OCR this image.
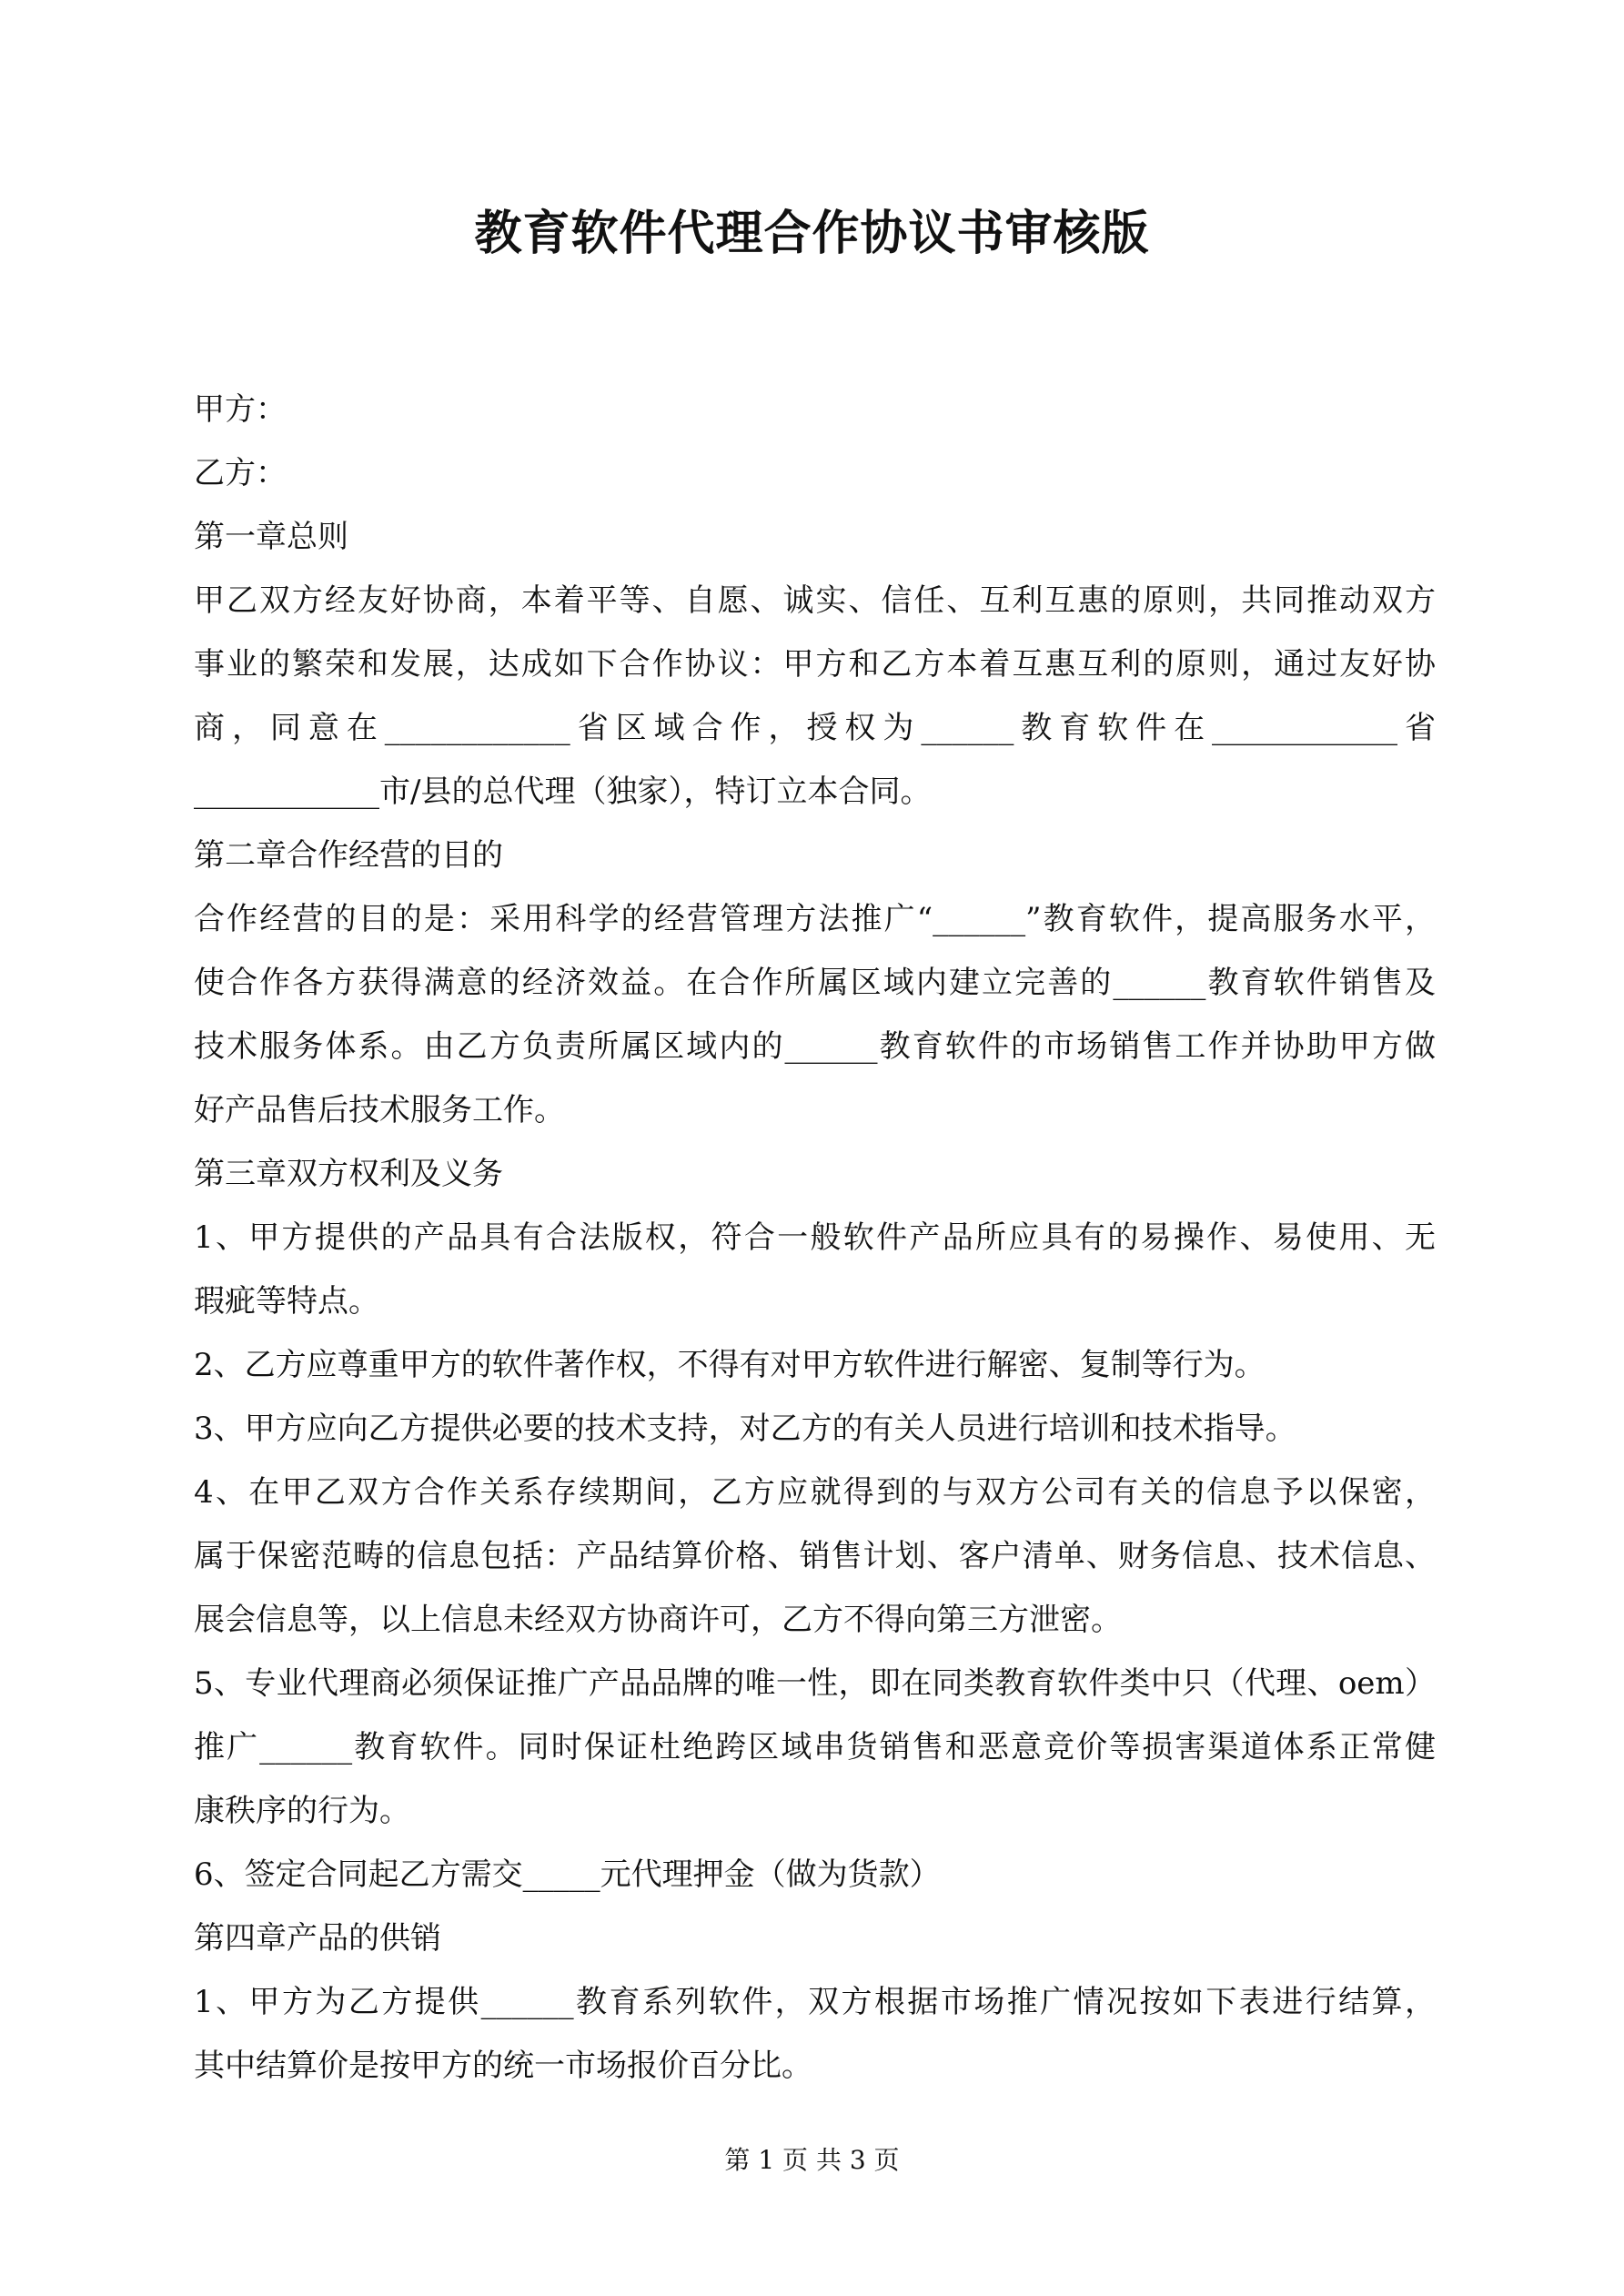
教育软件代理合作协议书审核版
甲方：
乙方：
第一章总则
甲乙双方经友好协商，本着平等、自愿、诚实、信任、互利互惠的原则，共同推动双方
事业的繁荣和发展，达成如下合作协议：甲方和乙方本着互惠互利的原则，通过友好协
商，同意在____________省区域合作，授权为______教育软件在____________省
____________市/县的总代理（独家），特订立本合同。
第二章合作经营的目的
合作经营的目的是：采用科学的经营管理方法推广“______”教育软件，提高服务水平，
使合作各方获得满意的经济效益。在合作所属区域内建立完善的______教育软件销售及
技术服务体系。由乙方负责所属区域内的______教育软件的市场销售工作并协助甲方做
好产品售后技术服务工作。
第三章双方权利及义务
1、甲方提供的产品具有合法版权，符合一般软件产品所应具有的易操作、易使用、无
瑕疵等特点。
2、乙方应尊重甲方的软件著作权，不得有对甲方软件进行解密、复制等行为。
3、甲方应向乙方提供必要的技术支持，对乙方的有关人员进行培训和技术指导。
4、在甲乙双方合作关系存续期间，乙方应就得到的与双方公司有关的信息予以保密，
属于保密范畴的信息包括：产品结算价格、销售计划、客户清单、财务信息、技术信息、
展会信息等，以上信息未经双方协商许可，乙方不得向第三方泄密。
5、专业代理商必须保证推广产品品牌的唯一性，即在同类教育软件类中只（代理、oem）
推广______教育软件。同时保证杜绝跨区域串货销售和恶意竞价等损害渠道体系正常健
康秩序的行为。
6、签定合同起乙方需交_____元代理押金（做为货款）
第四章产品的供销
1、甲方为乙方提供______教育系列软件，双方根据市场推广情况按如下表进行结算，
其中结算价是按甲方的统一市场报价百分比。
第 1 页 共 3 页
